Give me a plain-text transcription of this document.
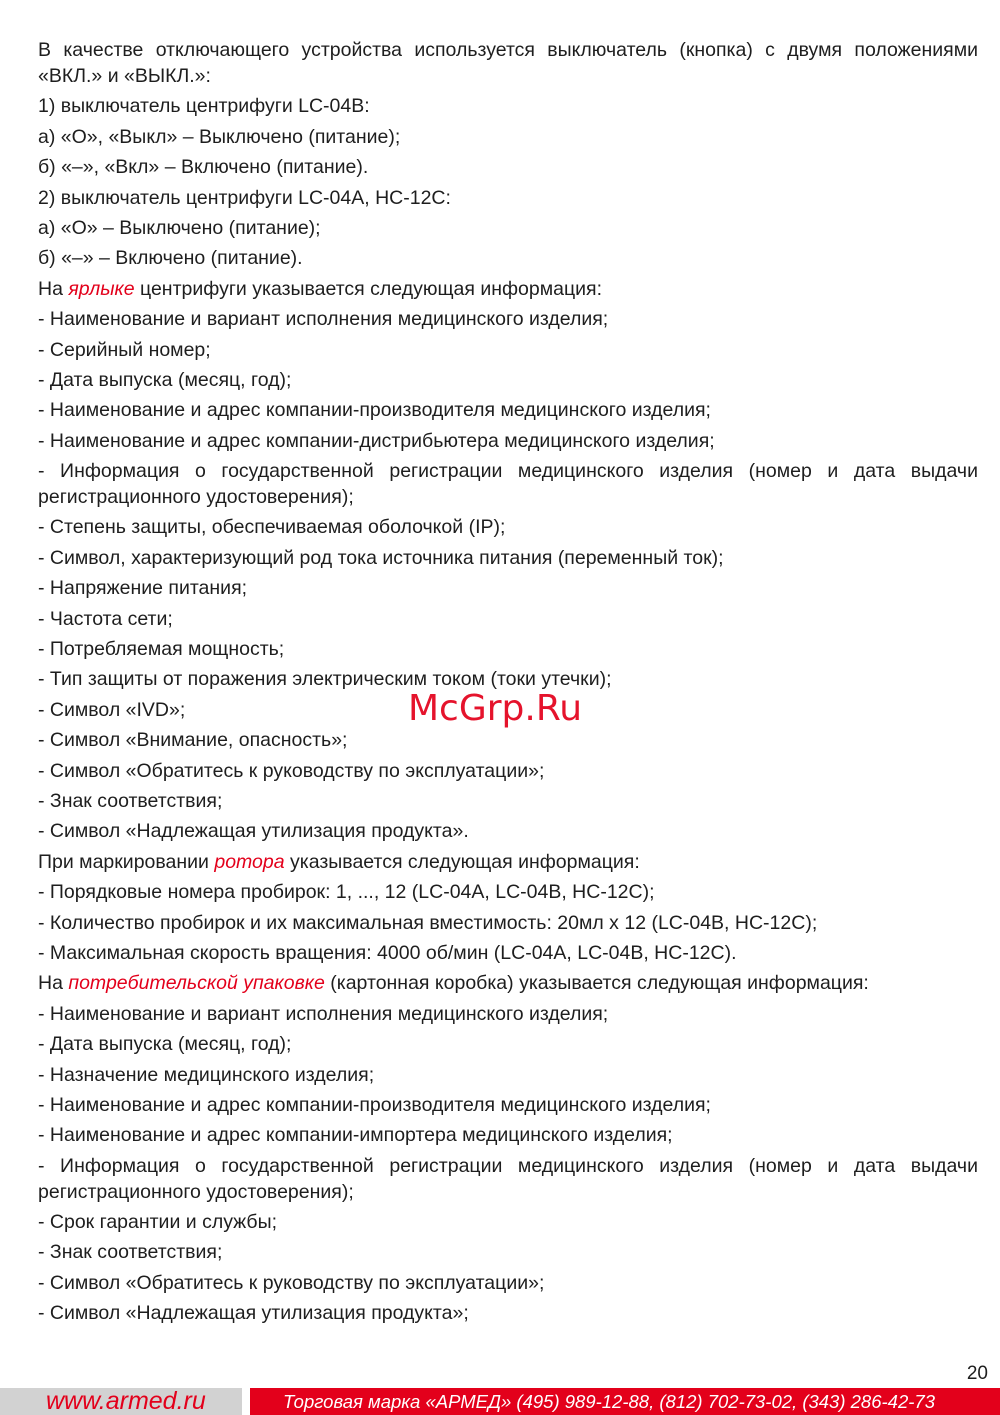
В качестве отключающего устройства используется выключатель (кнопка) с двумя положениями «ВКЛ.» и «ВЫКЛ.»:

1) выключатель центрифуги LC-04B:

а) «О», «Выкл» – Выключено (питание);

б) «–», «Вкл» – Включено (питание).

2) выключатель центрифуги LC-04A, HC-12C:

а) «О» – Выключено (питание);

б) «–» – Включено (питание).

На ярлыке центрифуги указывается следующая информация:

- Наименование и вариант исполнения медицинского изделия;

- Серийный номер;

- Дата выпуска (месяц, год);

- Наименование и адрес компании-производителя медицинского изделия;

- Наименование и адрес компании-дистрибьютера медицинского изделия;

- Информация о государственной регистрации медицинского изделия (номер и дата выдачи регистрационного удостоверения);

- Степень защиты, обеспечиваемая оболочкой (IP);

- Символ, характеризующий род тока источника питания (переменный ток);

- Напряжение питания;

- Частота сети;

- Потребляемая мощность;

- Тип защиты от поражения электрическим током (токи утечки);

- Символ «IVD»;

- Символ «Внимание, опасность»;

- Символ «Обратитесь к руководству по эксплуатации»;

- Знак соответствия;

- Символ «Надлежащая утилизация продукта».

При маркировании ротора указывается следующая информация:

- Порядковые номера пробирок: 1, ..., 12 (LC-04A, LC-04B, HC-12C);

- Количество пробирок и их максимальная вместимость: 20мл х 12 (LC-04B, HC-12C);

- Максимальная скорость вращения: 4000 об/мин (LC-04A, LC-04B, HC-12C).

На потребительской упаковке (картонная коробка) указывается следующая информация:

- Наименование и вариант исполнения медицинского изделия;

- Дата выпуска (месяц, год);

- Назначение медицинского изделия;

- Наименование и адрес компании-производителя медицинского изделия;

- Наименование и адрес компании-импортера медицинского изделия;

- Информация о государственной регистрации медицинского изделия (номер и дата выдачи регистрационного удостоверения);

- Срок гарантии и службы;

- Знак соответствия;

- Символ «Обратитесь к руководству по эксплуатации»;

- Символ «Надлежащая утилизация продукта»;

McGrp.Ru
20
www.armed.ru	Торговая марка «АРМЕД» (495) 989-12-88, (812) 702-73-02, (343) 286-42-73
